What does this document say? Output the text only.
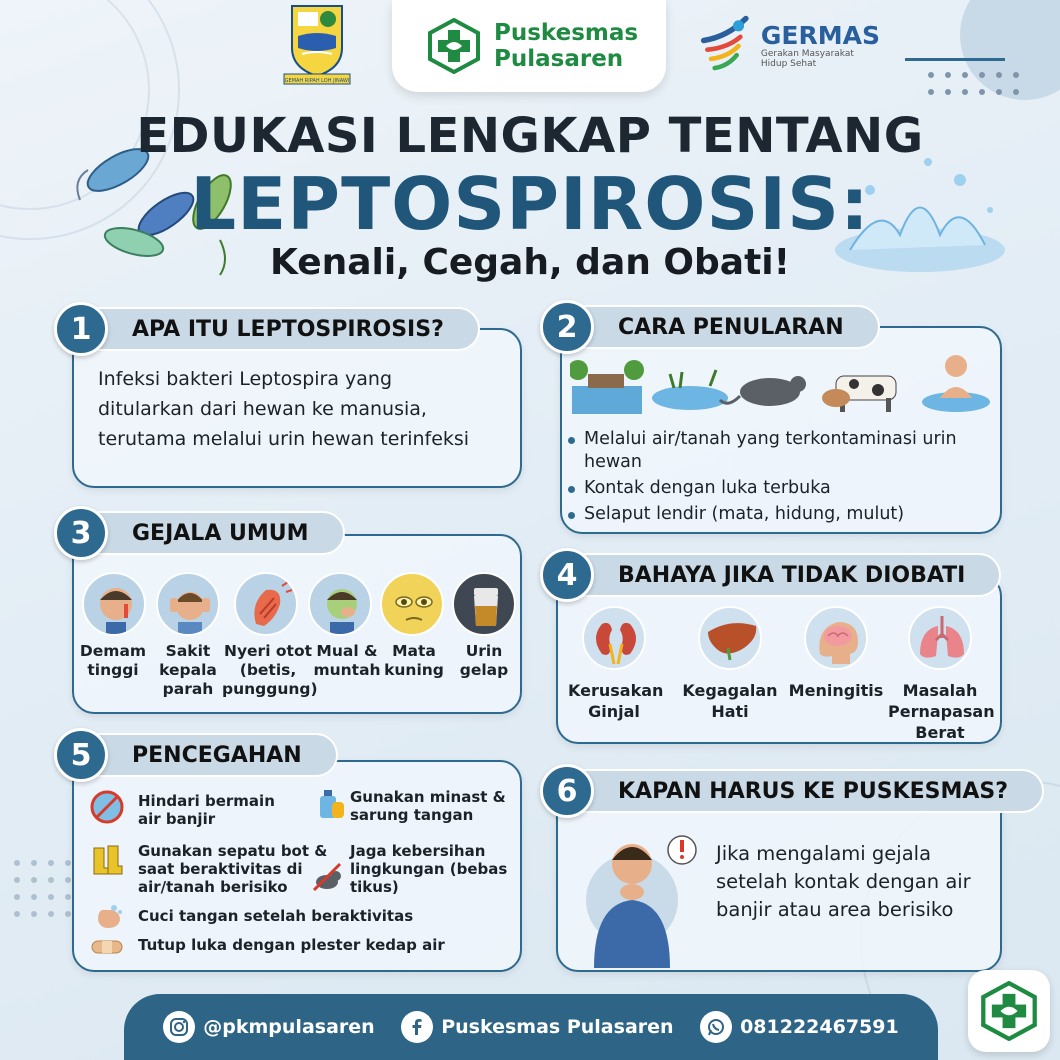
GEMAH RIPAH LOH JINAWI
Puskesmas
Pulasaren
GERMAS
Gerakan Masyarakat
Hidup Sehat
EDUKASI LENGKAP TENTANG
LEPTOSPIROSIS:
Kenali, Cegah, dan Obati!
1	APA ITU LEPTOSPIROSIS?
Infeksi bakteri Leptospira yang
ditularkan dari hewan ke manusia,
terutama melalui urin hewan terinfeksi
2	CARA PENULARAN
Melalui air/tanah yang terkontaminasi urin hewan
Kontak dengan luka terbuka
Selaput lendir (mata, hidung, mulut)
3	GEJALA UMUM
Demam tinggi
Sakit kepala parah
Nyeri otot (betis, punggung)
Mual & muntah
Mata kuning
Urin gelap
4	BAHAYA JIKA TIDAK DIOBATI
Kerusakan Ginjal
Kegagalan Hati
Meningitis	Masalah Pernapasan Berat
5	PENCEGAHAN
Hindari bermain air banjir
Gunakan minast & sarung tangan
Gunakan sepatu bot & saat beraktivitas di air/tanah berisiko
Jaga kebersihan lingkungan (bebas tikus)
Cuci tangan setelah beraktivitas
Tutup luka dengan plester kedap air
6	KAPAN HARUS KE PUSKESMAS?
Jika mengalami gejala
setelah kontak dengan air
banjir atau area berisiko
@pkmpulasaren	Puskesmas Pulasaren	081222467591
